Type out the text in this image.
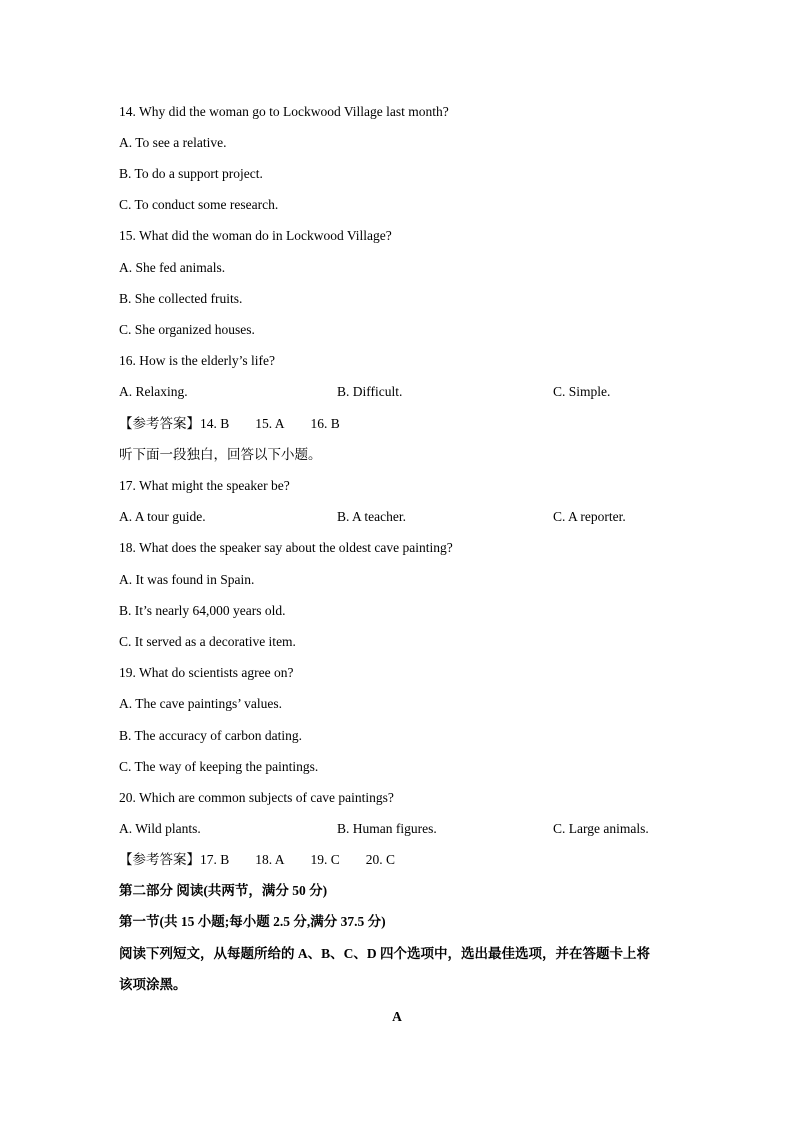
14. Why did the woman go to Lockwood Village last month?
A. To see a relative.
B. To do a support project.
C. To conduct some research.
15. What did the woman do in Lockwood Village?
A. She fed animals.
B. She collected fruits.
C. She organized houses.
16. How is the elderly’s life?
A. Relaxing.	B. Difficult.	C. Simple.
【参考答案】14. B 15. A 16. B
听下面一段独白，回答以下小题。
17. What might the speaker be?
A. A tour guide.	B. A teacher.	C. A reporter.
18. What does the speaker say about the oldest cave painting?
A. It was found in Spain.
B. It’s nearly 64,000 years old.
C. It served as a decorative item.
19. What do scientists agree on?
A. The cave paintings’ values.
B. The accuracy of carbon dating.
C. The way of keeping the paintings.
20. Which are common subjects of cave paintings?
A. Wild plants.	B. Human figures.	C. Large animals.
【参考答案】17. B 18. A 19. C 20. C
第二部分 阅读(共两节，满分 50 分)
第一节(共 15 小题;每小题 2.5 分,满分 37.5 分)
阅读下列短文，从每题所给的 A、B、C、D 四个选项中，选出最佳选项，并在答题卡上将
该项涂黑。
A
